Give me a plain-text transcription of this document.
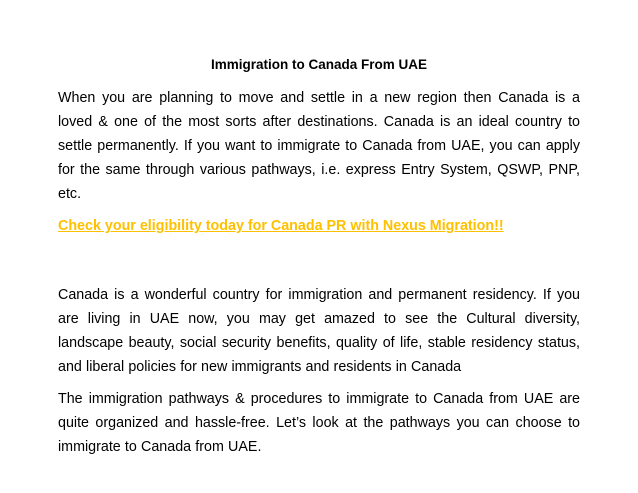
Immigration to Canada From UAE

When you are planning to move and settle in a new region then Canada is a loved & one of the most sorts after destinations. Canada is an ideal country to settle permanently. If you want to immigrate to Canada from UAE, you can apply for the same through various pathways, i.e. express Entry System, QSWP, PNP, etc.

Check your eligibility today for Canada PR with Nexus Migration!!

Canada is a wonderful country for immigration and permanent residency. If you are living in UAE now, you may get amazed to see the Cultural diversity, landscape beauty, social security benefits, quality of life, stable residency status, and liberal policies for new immigrants and residents in Canada

The immigration pathways & procedures to immigrate to Canada from UAE are quite organized and hassle-free. Let’s look at the pathways you can choose to immigrate to Canada from UAE.
